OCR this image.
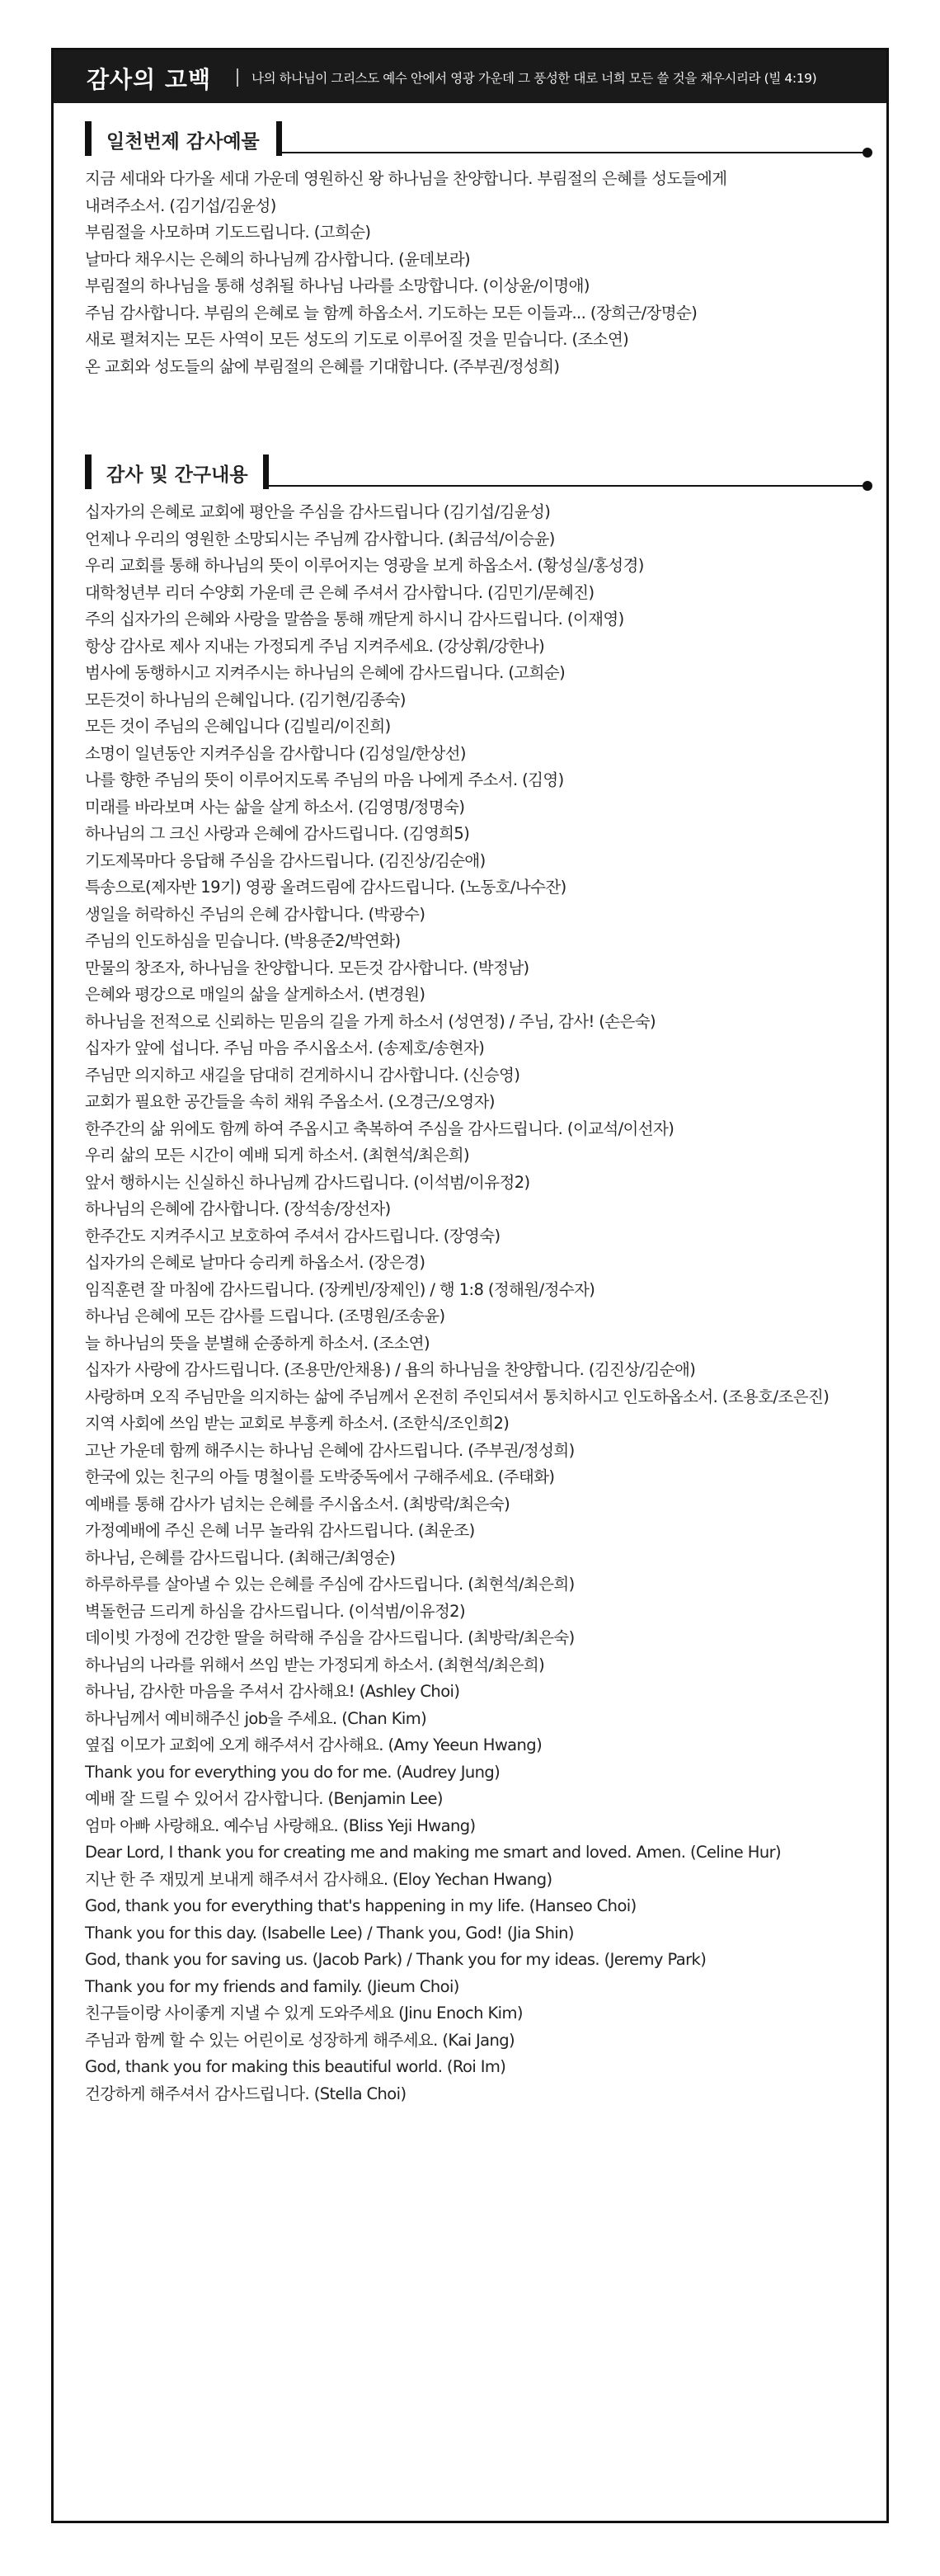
감사의 고백	나의 하나님이 그리스도 예수 안에서 영광 가운데 그 풍성한 대로 너희 모든 쓸 것을 채우시리라 (빌 4:19)
일천번제 감사예물
지금 세대와 다가올 세대 가운데 영원하신 왕 하나님을 찬양합니다. 부림절의 은혜를 성도들에게
내려주소서. (김기섭/김윤성)
부림절을 사모하며 기도드립니다. (고희순)
날마다 채우시는 은혜의 하나님께 감사합니다. (윤데보라)
부림절의 하나님을 통해 성취될 하나님 나라를 소망합니다. (이상윤/이명애)
주님 감사합니다. 부림의 은혜로 늘 함께 하옵소서. 기도하는 모든 이들과... (장희근/장명순)
새로 펼쳐지는 모든 사역이 모든 성도의 기도로 이루어질 것을 믿습니다. (조소연)
온 교회와 성도들의 삶에 부림절의 은혜를 기대합니다. (주부권/정성희)
감사 및 간구내용
십자가의 은혜로 교회에 평안을 주심을 감사드립니다 (김기섭/김윤성)
언제나 우리의 영원한 소망되시는 주님께 감사합니다. (최금석/이승윤)
우리 교회를 통해 하나님의 뜻이 이루어지는 영광을 보게 하옵소서. (황성실/홍성경)
대학청년부 리더 수양회 가운데 큰 은혜 주셔서 감사합니다. (김민기/문혜진)
주의 십자가의 은혜와 사랑을 말씀을 통해 깨닫게 하시니 감사드립니다. (이재영)
항상 감사로 제사 지내는 가정되게 주님 지켜주세요. (강상휘/강한나)
범사에 동행하시고 지켜주시는 하나님의 은혜에 감사드립니다. (고희순)
모든것이 하나님의 은혜입니다. (김기현/김종숙)
모든 것이 주님의 은혜입니다 (김빌리/이진희)
소명이 일년동안 지켜주심을 감사합니다 (김성일/한상선)
나를 향한 주님의 뜻이 이루어지도록 주님의 마음 나에게 주소서. (김영)
미래를 바라보며 사는 삶을 살게 하소서. (김영명/정명숙)
하나님의 그 크신 사랑과 은혜에 감사드립니다. (김영희5)
기도제목마다 응답해 주심을 감사드립니다. (김진상/김순애)
특송으로(제자반 19기) 영광 올려드림에 감사드립니다. (노동호/나수잔)
생일을 허락하신 주님의 은혜 감사합니다. (박광수)
주님의 인도하심을 믿습니다. (박용준2/박연화)
만물의 창조자, 하나님을 찬양합니다. 모든것 감사합니다. (박정남)
은혜와 평강으로 매일의 삶을 살게하소서. (변경원)
하나님을 전적으로 신뢰하는 믿음의 길을 가게 하소서 (성연정) / 주님, 감사! (손은숙)
십자가 앞에 섭니다. 주님 마음 주시옵소서. (송제호/송현자)
주님만 의지하고 새길을 담대히 걷게하시니 감사합니다. (신승영)
교회가 필요한 공간들을 속히 채워 주옵소서. (오경근/오영자)
한주간의 삶 위에도 함께 하여 주옵시고 축복하여 주심을 감사드립니다. (이교석/이선자)
우리 삶의 모든 시간이 예배 되게 하소서. (최현석/최은희)
앞서 행하시는 신실하신 하나님께 감사드립니다. (이석범/이유정2)
하나님의 은혜에 감사합니다. (장석송/장선자)
한주간도 지켜주시고 보호하여 주셔서 감사드립니다. (장영숙)
십자가의 은혜로 날마다 승리케 하옵소서. (장은경)
임직훈련 잘 마침에 감사드립니다. (장케빈/장제인) / 행 1:8 (정해원/정수자)
하나님 은혜에 모든 감사를 드립니다. (조명원/조송윤)
늘 하나님의 뜻을 분별해 순종하게 하소서. (조소연)
십자가 사랑에 감사드립니다. (조용만/안채용) / 욥의 하나님을 찬양합니다. (김진상/김순애)
사랑하며 오직 주님만을 의지하는 삶에 주님께서 온전히 주인되셔서 통치하시고 인도하옵소서. (조용호/조은진)
지역 사회에 쓰임 받는 교회로 부흥케 하소서. (조한식/조인희2)
고난 가운데 함께 해주시는 하나님 은혜에 감사드립니다. (주부권/정성희)
한국에 있는 친구의 아들 명철이를 도박중독에서 구해주세요. (주태화)
예배를 통해 감사가 넘치는 은혜를 주시옵소서. (최방락/최은숙)
가정예배에 주신 은혜 너무 놀라워 감사드립니다. (최운조)
하나님, 은혜를 감사드립니다. (최해근/최영순)
하루하루를 살아낼 수 있는 은혜를 주심에 감사드립니다. (최현석/최은희)
벽돌헌금 드리게 하심을 감사드립니다. (이석범/이유정2)
데이빗 가정에 건강한 딸을 허락해 주심을 감사드립니다. (최방락/최은숙)
하나님의 나라를 위해서 쓰임 받는 가정되게 하소서. (최현석/최은희)
하나님, 감사한 마음을 주셔서 감사해요! (Ashley Choi)
하나님께서 예비해주신 job을 주세요. (Chan Kim)
옆집 이모가 교회에 오게 해주셔서 감사해요. (Amy Yeeun Hwang)
Thank you for everything you do for me. (Audrey Jung)
예배 잘 드릴 수 있어서 감사합니다. (Benjamin Lee)
엄마 아빠 사랑해요. 예수님 사랑해요. (Bliss Yeji Hwang)
Dear Lord, I thank you for creating me and making me smart and loved. Amen. (Celine Hur)
지난 한 주 재밌게 보내게 해주셔서 감사해요. (Eloy Yechan Hwang)
God, thank you for everything that's happening in my life. (Hanseo Choi)
Thank you for this day. (Isabelle Lee) / Thank you, God! (Jia Shin)
God, thank you for saving us. (Jacob Park) / Thank you for my ideas. (Jeremy Park)
Thank you for my friends and family. (Jieum Choi)
친구들이랑 사이좋게 지낼 수 있게 도와주세요 (Jinu Enoch Kim)
주님과 함께 할 수 있는 어린이로 성장하게 해주세요. (Kai Jang)
God, thank you for making this beautiful world. (Roi Im)
건강하게 해주셔서 감사드립니다. (Stella Choi)
